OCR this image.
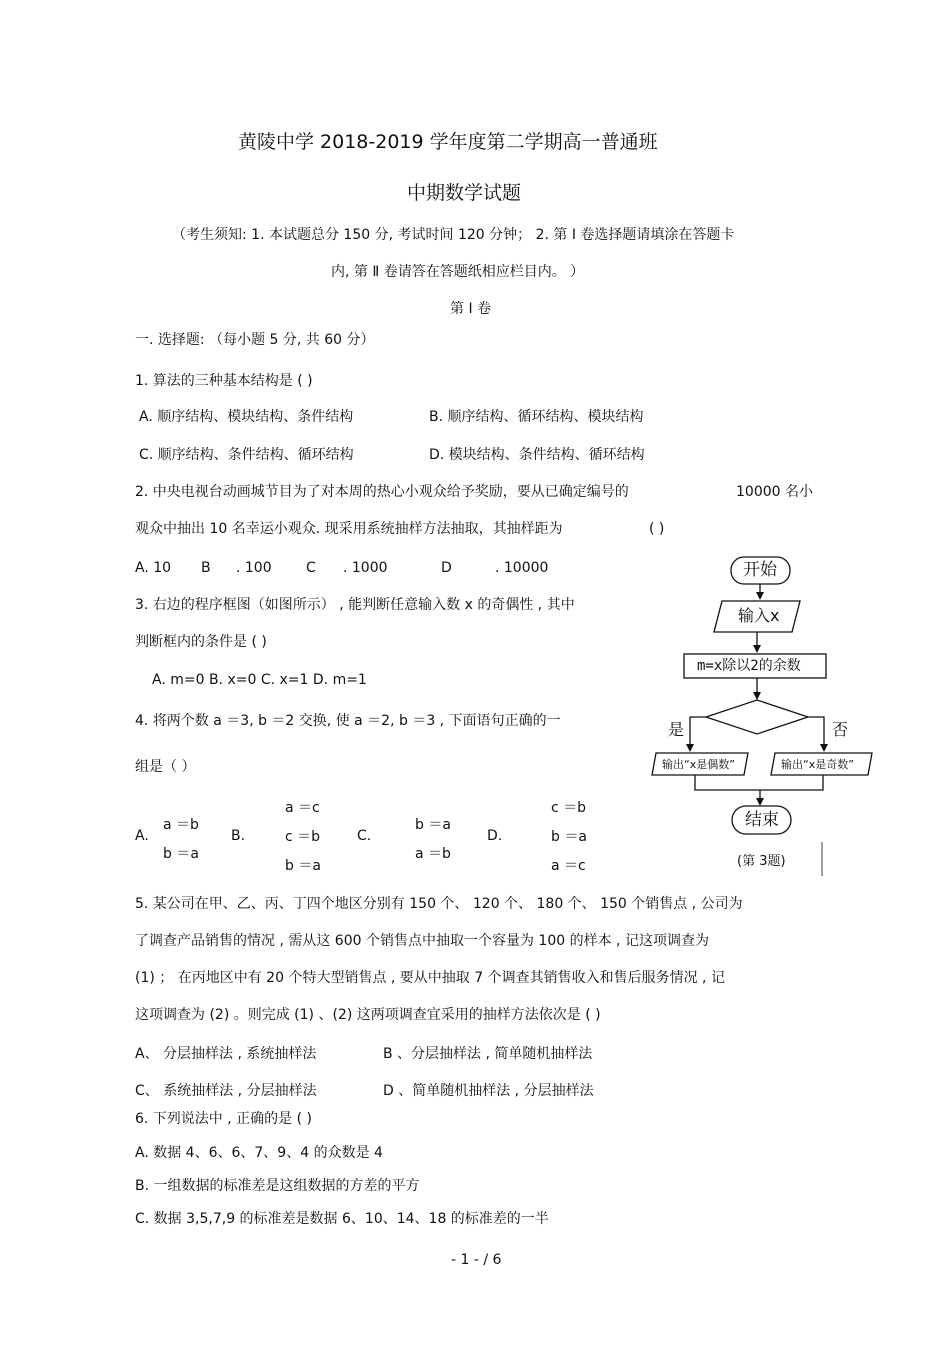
黄陵中学 2018-2019 学年度第二学期高一普通班
中期数学试题
（考生须知: 1. 本试题总分 150 分, 考试时间 120 分钟； 2. 第 Ⅰ 卷选择题请填涂在答题卡
内, 第 Ⅱ 卷请答在答题纸相应栏目内。 ）
第 Ⅰ 卷
一. 选择题: （每小题 5 分, 共 60 分）
1. 算法的三种基本结构是 ( )
A. 顺序结构、模块结构、条件结构	B. 顺序结构、循环结构、模块结构
C. 顺序结构、条件结构、循环结构	D. 模块结构、条件结构、循环结构
2. 中央电视台动画城节目为了对本周的热心小观众给予奖励，要从已确定编号的	10000 名小
观众中抽出 10 名幸运小观众. 现采用系统抽样方法抽取，其抽样距为	( )
A. 10 B . 100 C . 1000	D	. 10000
3. 右边的程序框图（如图所示） , 能判断任意输入数 x 的奇偶性 , 其中
判断框内的条件是 ( )
A. m=0 B. x=0 C. x=1 D. m=1
4. 将两个数 a ＝3, b ＝2 交换, 使 a ＝2, b ＝3 , 下面语句正确的一
组是（ ）
A.
a ＝b
b ＝a
B.
a ＝c
c ＝b
b ＝a
C.
b ＝a
a ＝b
D.
c ＝b
b ＝a
a ＝c
开始
输入x
m=x除以2的余数
是	否
输出“x是偶数”	输出“x是奇数”
结束
(第 3题)
5. 某公司在甲、乙、丙、丁四个地区分别有 150 个、 120 个、 180 个、 150 个销售点 , 公司为
了调查产品销售的情况 , 需从这 600 个销售点中抽取一个容量为 100 的样本 , 记这项调查为
(1) ； 在丙地区中有 20 个特大型销售点 , 要从中抽取 7 个调查其销售收入和售后服务情况 , 记
这项调查为 (2) 。则完成 (1) 、(2) 这两项调查宜采用的抽样方法依次是 ( )
A、 分层抽样法 , 系统抽样法	B 、分层抽样法 , 简单随机抽样法
C、 系统抽样法 , 分层抽样法	D 、简单随机抽样法 , 分层抽样法
6. 下列说法中 , 正确的是 ( )
A. 数据 4、6、6、7、9、4 的众数是 4
B. 一组数据的标准差是这组数据的方差的平方
C. 数据 3,5,7,9 的标准差是数据 6、10、14、18 的标准差的一半
- 1 - / 6
